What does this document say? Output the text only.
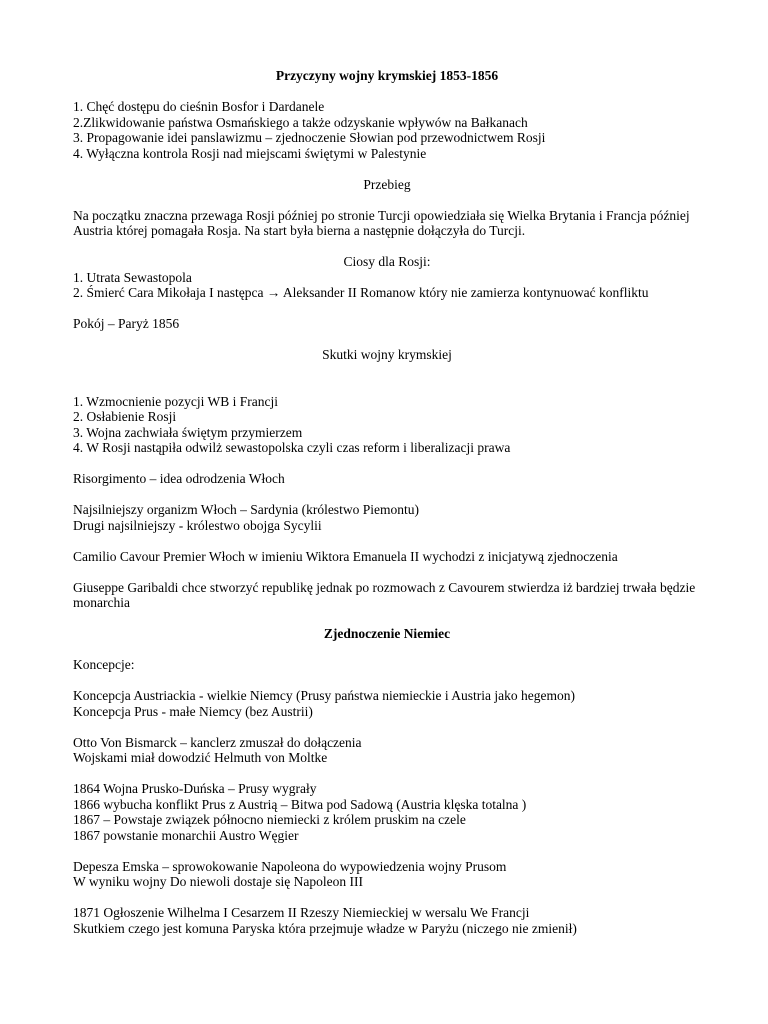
Przyczyny wojny krymskiej 1853-1856
1. Chęć dostępu do cieśnin Bosfor i Dardanele
2.Zlikwidowanie państwa Osmańskiego a także odzyskanie wpływów na Bałkanach
3. Propagowanie idei panslawizmu – zjednoczenie Słowian pod przewodnictwem Rosji
4. Wyłączna kontrola Rosji nad miejscami świętymi w Palestynie
Przebieg
Na początku znaczna przewaga Rosji później po stronie Turcji opowiedziała się Wielka Brytania i Francja później Austria której pomagała Rosja. Na start była bierna a następnie dołączyła do Turcji.
Ciosy dla Rosji:
1. Utrata Sewastopola
2. Śmierć Cara Mikołaja I następca → Aleksander II Romanow który nie zamierza kontynuować konfliktu
Pokój – Paryż 1856
Skutki wojny krymskiej
1. Wzmocnienie pozycji WB i Francji
2. Osłabienie Rosji
3. Wojna zachwiała świętym przymierzem
4. W Rosji nastąpiła odwilż sewastopolska czyli czas reform i liberalizacji prawa
Risorgimento – idea odrodzenia Włoch
Najsilniejszy organizm Włoch – Sardynia (królestwo Piemontu)
Drugi najsilniejszy - królestwo obojga Sycylii
Camilio Cavour Premier Włoch w imieniu Wiktora Emanuela II wychodzi z inicjatywą zjednoczenia
Giuseppe Garibaldi chce stworzyć republikę jednak po rozmowach z Cavourem stwierdza iż bardziej trwała będzie monarchia
Zjednoczenie Niemiec
Koncepcje:
Koncepcja Austriackia - wielkie Niemcy (Prusy państwa niemieckie i Austria jako hegemon)
Koncepcja Prus - małe Niemcy (bez Austrii)
Otto Von Bismarck – kanclerz zmuszał do dołączenia
Wojskami miał dowodzić Helmuth von Moltke
1864 Wojna Prusko-Duńska – Prusy wygrały
1866 wybucha konflikt Prus z Austrią – Bitwa pod Sadową (Austria klęska totalna )
1867 – Powstaje związek północno niemiecki z królem pruskim na czele
1867 powstanie monarchii Austro Węgier
Depesza Emska – sprowokowanie Napoleona do wypowiedzenia wojny Prusom
W wyniku wojny Do niewoli dostaje się Napoleon III
1871 Ogłoszenie Wilhelma I Cesarzem II Rzeszy Niemieckiej w wersalu We Francji
Skutkiem czego jest komuna Paryska która przejmuje władze w Paryżu (niczego nie zmienił)
